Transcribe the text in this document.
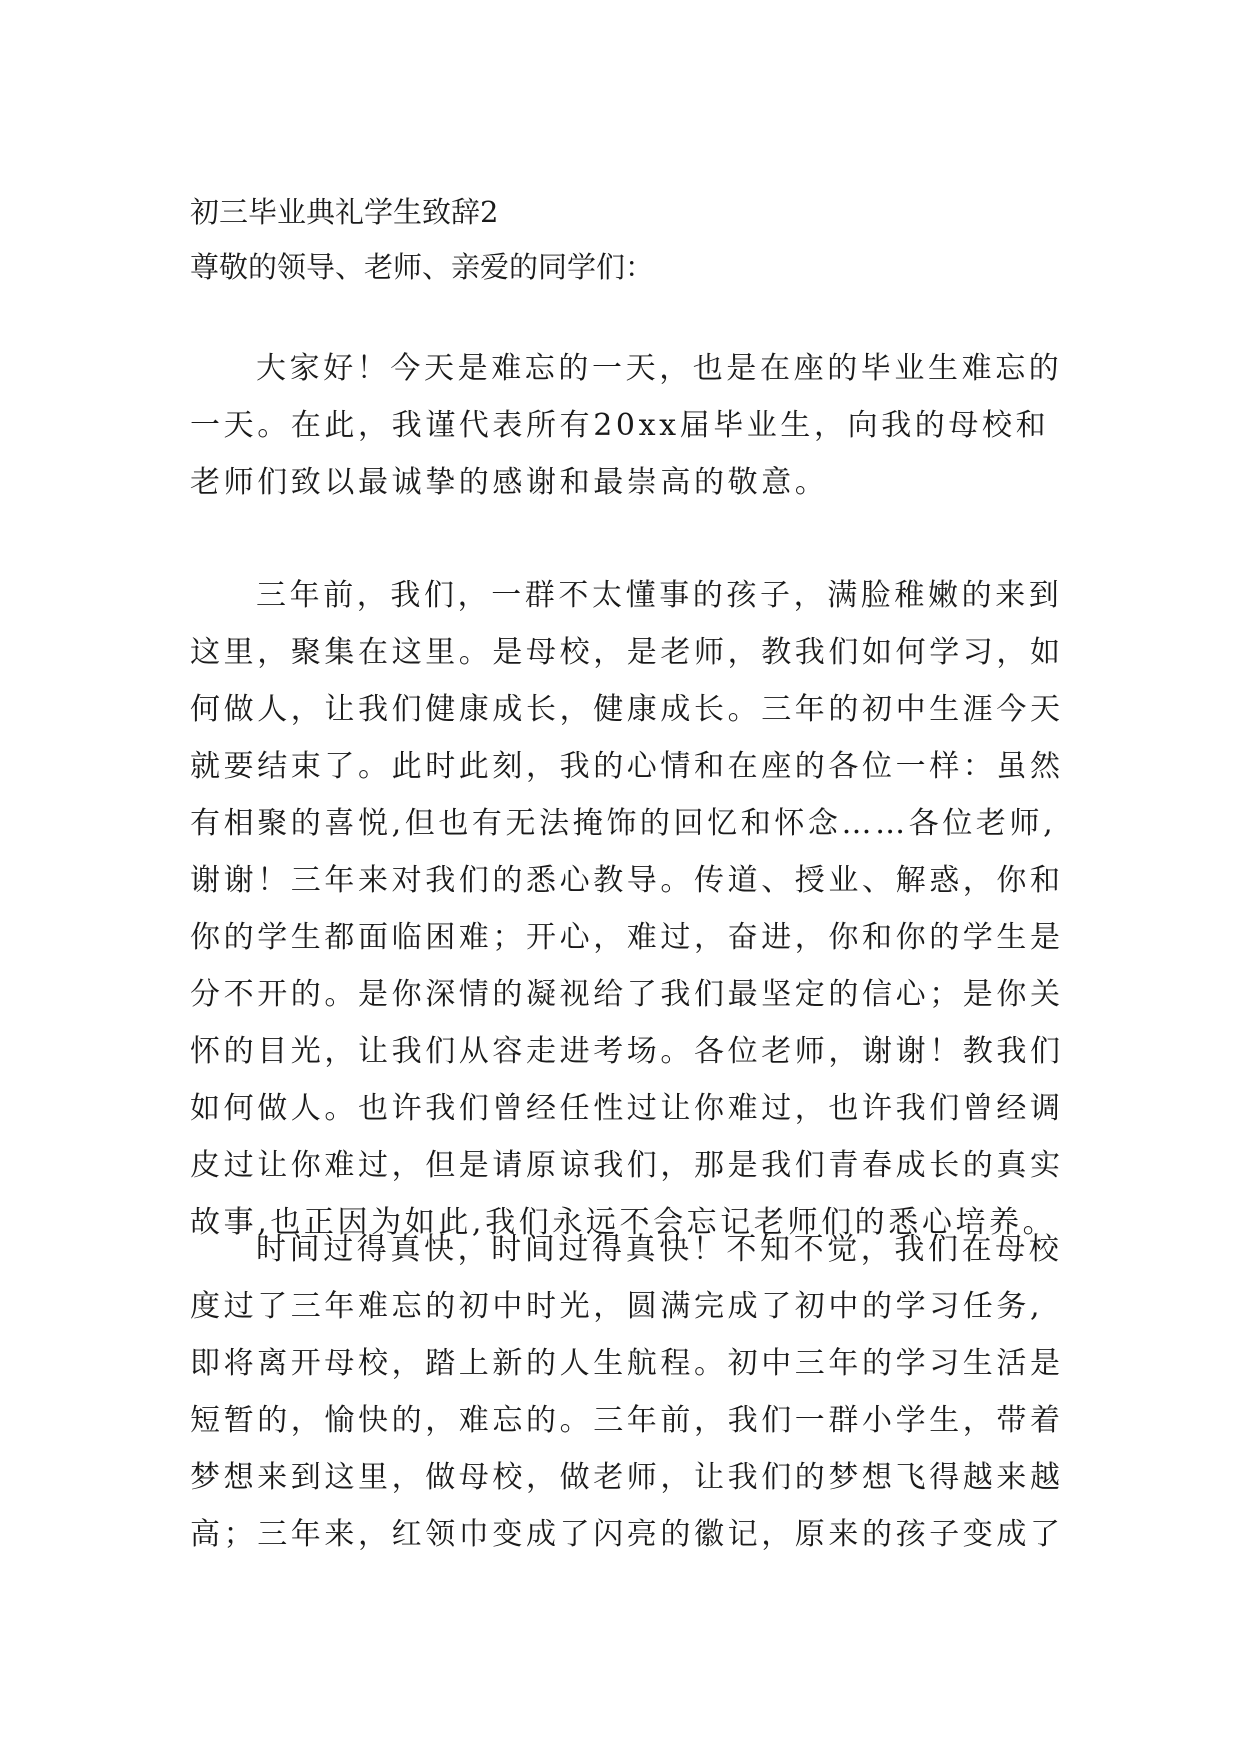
初三毕业典礼学生致辞2
尊敬的领导、老师、亲爱的同学们：

大家好！今天是难忘的一天，也是在座的毕业生难忘的
一天。在此，我谨代表所有20xx届毕业生，向我的母校和
老师们致以最诚挚的感谢和最崇高的敬意。

三年前，我们，一群不太懂事的孩子，满脸稚嫩的来到
这里，聚集在这里。是母校，是老师，教我们如何学习，如
何做人，让我们健康成长，健康成长。三年的初中生涯今天
就要结束了。此时此刻，我的心情和在座的各位一样：虽然
有相聚的喜悦,但也有无法掩饰的回忆和怀念……各位老师,
谢谢！三年来对我们的悉心教导。传道、授业、解惑，你和
你的学生都面临困难；开心，难过，奋进，你和你的学生是
分不开的。是你深情的凝视给了我们最坚定的信心；是你关
怀的目光，让我们从容走进考场。各位老师，谢谢！教我们
如何做人。也许我们曾经任性过让你难过，也许我们曾经调
皮过让你难过，但是请原谅我们，那是我们青春成长的真实
故事,也正因为如此,我们永远不会忘记老师们的悉心培养。

时间过得真快，时间过得真快！不知不觉，我们在母校
度过了三年难忘的初中时光，圆满完成了初中的学习任务,
即将离开母校，踏上新的人生航程。初中三年的学习生活是
短暂的，愉快的，难忘的。三年前，我们一群小学生，带着
梦想来到这里，做母校，做老师，让我们的梦想飞得越来越
高；三年来，红领巾变成了闪亮的徽记，原来的孩子变成了
